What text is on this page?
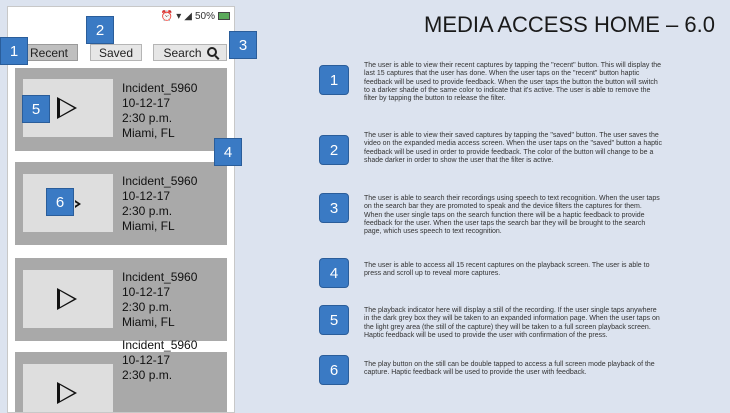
⏰ ▾ ◢ 50%
Recent	Saved	Search
Incident_5960
10-12-17
2:30 p.m.
Miami, FL
Incident_5960
10-12-17
2:30 p.m.
Miami, FL
Incident_5960
10-12-17
2:30 p.m.
Miami, FL
Incident_5960
10-12-17
2:30 p.m.
1
2
3
4
5
6
MEDIA ACCESS HOME – 6.0
1
The user is able to view their recent captures by tapping the "recent" button. This will display the last 15 captures that the user has done. When the user taps on the "recent" button haptic feedback will be used to provide feedback. When the user taps the button the button will switch to a darker shade of the same color to indicate that it's active. The user is able to remove the filter by tapping the button to release the filter.
2
The user is able to view their saved captures by tapping the "saved" button. The user saves the video on the expanded media access screen. When the user taps on the "saved" button a haptic feedback will be used in order to provide feedback. The color of the button will change to be a shade darker in order to show the user that the filter is active.
3
The user is able to search their recordings using speech to text recognition. When the user taps on the search bar they are promoted to speak and the device filters the captures for them. When the user single taps on the search function there will be a haptic feedback to provide feedback for the user. When the user taps the search bar they will be brought to the search page, which uses speech to text recognition.
4	The user is able to access all 15 recent captures on the playback screen. The user is able to press and scroll up to reveal more captures.
5
The playback indicator here will display a still of the recording. If the user single taps anywhere in the dark grey box they will be taken to an expanded information page. When the user taps on the light grey area (the still of the capture) they will be taken to a full screen playback screen. Haptic feedback will be used to provide the user with confirmation of the press.
6	The play button on the still can be double tapped to access a full screen mode playback of the capture. Haptic feedback will be used to provide the user with feedback.
